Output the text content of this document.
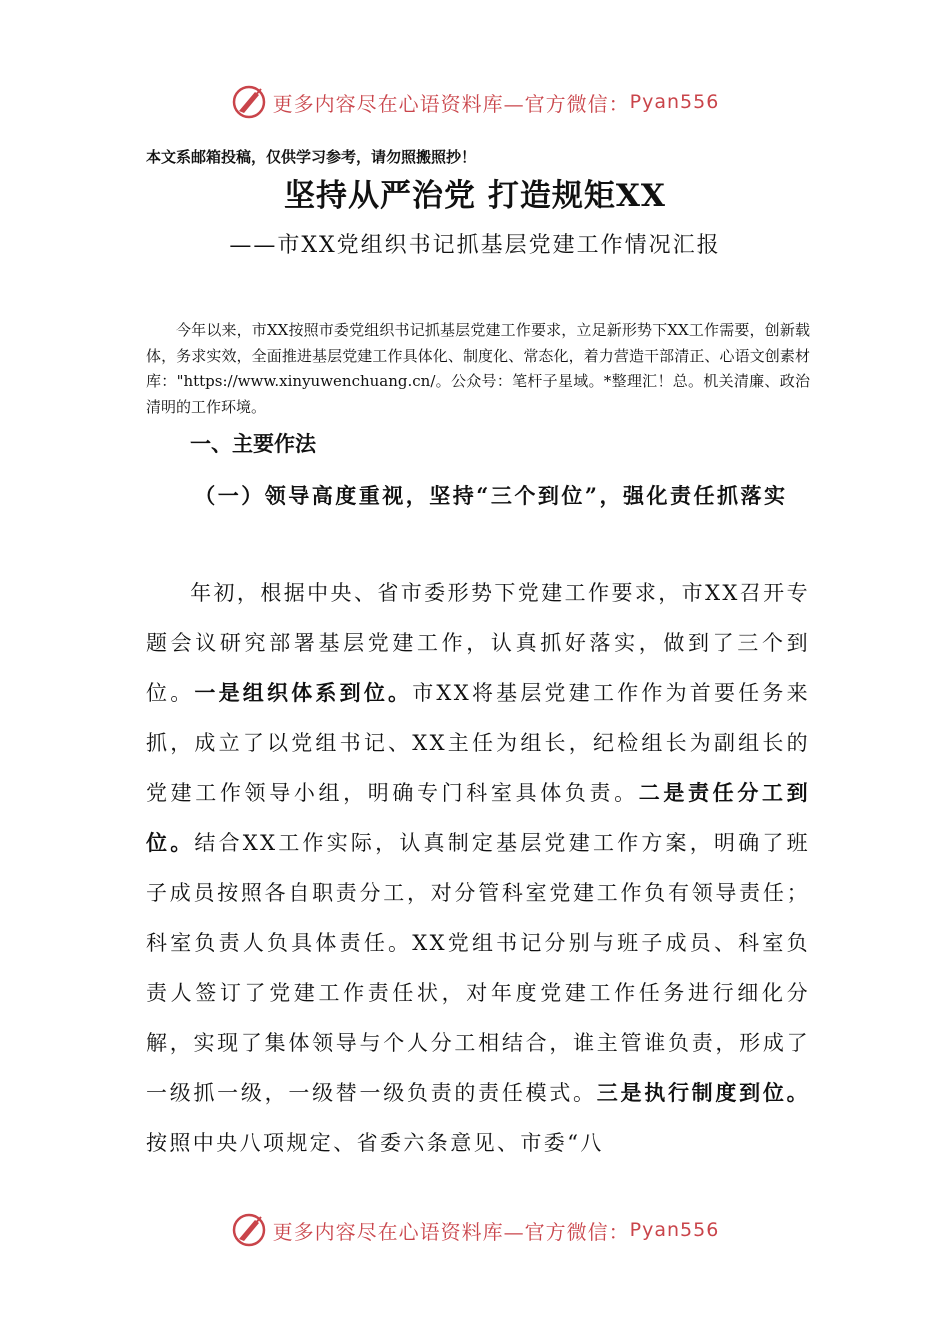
更多内容尽在心语资料库—官方微信： Pyan556
本文系邮箱投稿，仅供学习参考，请勿照搬照抄！
坚持从严治党 打造规矩XX
——市XX党组织书记抓基层党建工作情况汇报

今年以来，市XX按照市委党组织书记抓基层党建工作要求，立足新形势下XX工作需要，创新载体，务求实效，全面推进基层党建工作具体化、制度化、常态化，着力营造干部清正、心语文创素材库："https://www.xinyuwenchuang.cn/。公众号：笔杆子星域。*整理汇！总。机关清廉、政治清明的工作环境。

一、主要作法

（一）领导高度重视，坚持“三个到位”，强化责任抓落实

年初，根据中央、省市委形势下党建工作要求，市XX召开专题会议研究部署基层党建工作，认真抓好落实，做到了三个到位。一是组织体系到位。市XX将基层党建工作作为首要任务来抓，成立了以党组书记、XX主任为组长，纪检组长为副组长的党建工作领导小组，明确专门科室具体负责。二是责任分工到位。结合XX工作实际，认真制定基层党建工作方案，明确了班子成员按照各自职责分工，对分管科室党建工作负有领导责任；科室负责人负具体责任。XX党组书记分别与班子成员、科室负责人签订了党建工作责任状，对年度党建工作任务进行细化分解，实现了集体领导与个人分工相结合，谁主管谁负责，形成了一级抓一级，一级替一级负责的责任模式。三是执行制度到位。按照中央八项规定、省委六条意见、市委“八

更多内容尽在心语资料库—官方微信： Pyan556
